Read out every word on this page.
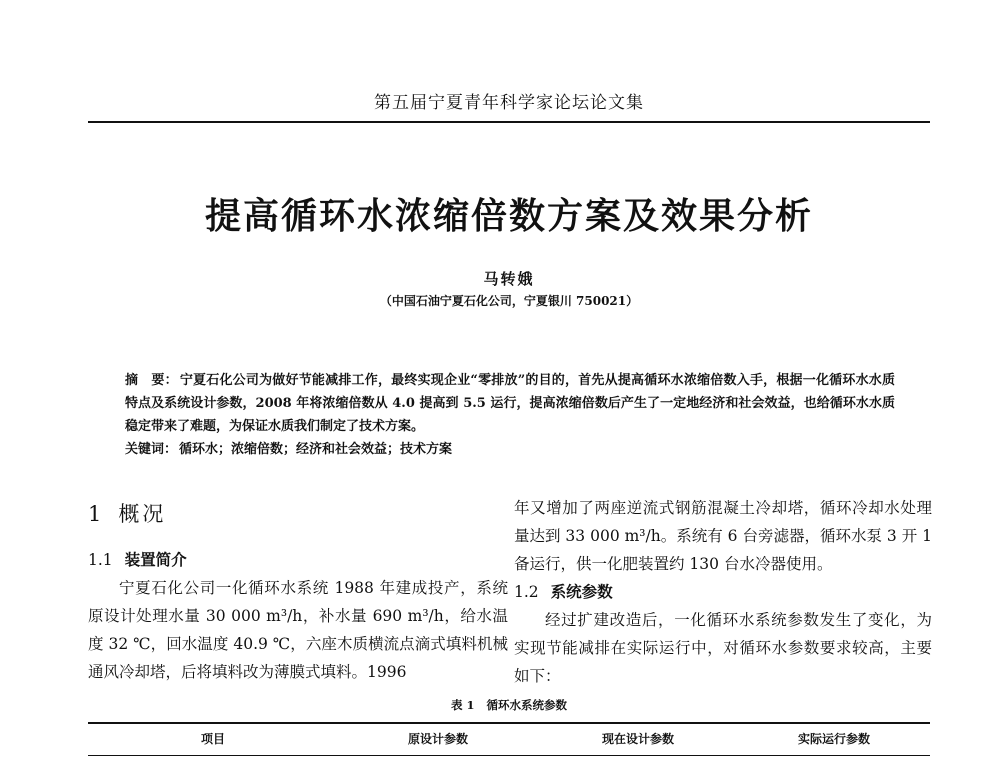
第五届宁夏青年科学家论坛论文集
提高循环水浓缩倍数方案及效果分析
马转娥
（中国石油宁夏石化公司，宁夏银川 750021）
摘　要： 宁夏石化公司为做好节能减排工作，最终实现企业“零排放”的目的，首先从提高循环水浓缩倍数入手，根据一化循环水水质特点及系统设计参数，2008 年将浓缩倍数从 4.0 提高到 5.5 运行，提高浓缩倍数后产生了一定地经济和社会效益，也给循环水水质稳定带来了难题，为保证水质我们制定了技术方案。
关键词： 循环水；浓缩倍数；经济和社会效益；技术方案
1 概况
1.1 装置简介
宁夏石化公司一化循环水系统 1988 年建成投产，系统原设计处理水量 30 000 m³/h，补水量 690 m³/h，给水温度 32 ℃，回水温度 40.9 ℃，六座木质横流点滴式填料机械通风冷却塔，后将填料改为薄膜式填料。1996
年又增加了两座逆流式钢筋混凝土冷却塔，循环冷却水处理量达到 33 000 m³/h。系统有 6 台旁滤器，循环水泵 3 开 1 备运行，供一化肥装置约 130 台水冷器使用。
1.2 系统参数
经过扩建改造后，一化循环水系统参数发生了变化，为实现节能减排在实际运行中，对循环水参数要求较高，主要如下：
表 1 循环水系统参数
项目	原设计参数	现在设计参数	实际运行参数
